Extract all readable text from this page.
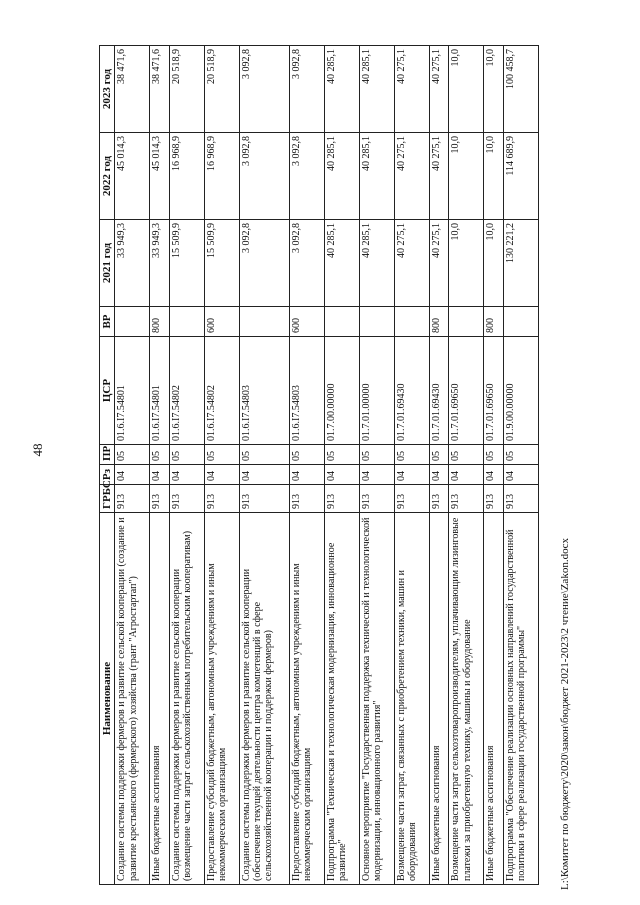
48
Наименование	ГРБС	Рз	ПР	ЦСР	ВР	2021 год	2022 год	2023 год
Создание системы поддержки фермеров и развитие сельской кооперации (создание и развитие крестьянского (фермерского) хозяйства (грант "Агростартап")	913	04	05	01.6.I7.54801		33 949,3	45 014,3	38 471,6
Иные бюджетные ассигнования	913	04	05	01.6.I7.54801	800	33 949,3	45 014,3	38 471,6
Создание системы поддержки фермеров и развитие сельской кооперации (возмещение части затрат сельскохозяйственным потребительским кооперативам)	913	04	05	01.6.I7.54802		15 509,9	16 968,9	20 518,9
Предоставление субсидий бюджетным, автономным учреждениям и иным некоммерческим организациям	913	04	05	01.6.I7.54802	600	15 509,9	16 968,9	20 518,9
Создание системы поддержки фермеров и развитие сельской кооперации (обеспечение текущей деятельности центра компетенций в сфере сельскохозяйственной кооперации и поддержки фермеров)	913	04	05	01.6.I7.54803		3 092,8	3 092,8	3 092,8
Предоставление субсидий бюджетным, автономным учреждениям и иным некоммерческим организациям	913	04	05	01.6.I7.54803	600	3 092,8	3 092,8	3 092,8
Подпрограмма "Техническая и технологическая модернизация, инновационное развитие"	913	04	05	01.7.00.00000		40 285,1	40 285,1	40 285,1
Основное мероприятие "Государственная поддержка технической и технологической модернизации, инновационного развития"	913	04	05	01.7.01.00000		40 285,1	40 285,1	40 285,1
Возмещение части затрат, связанных с приобретением техники, машин и оборудования	913	04	05	01.7.01.69430		40 275,1	40 275,1	40 275,1
Иные бюджетные ассигнования	913	04	05	01.7.01.69430	800	40 275,1	40 275,1	40 275,1
Возмещение части затрат сельхозтоваропроизводителям, уплачивающим лизинговые платежи за приобретенную технику, машины и оборудование	913	04	05	01.7.01.69650		10,0	10,0	10,0
Иные бюджетные ассигнования	913	04	05	01.7.01.69650	800	10,0	10,0	10,0
Подпрограмма "Обеспечение реализации основных направлений государственной политики в сфере реализации государственной программы"	913	04	05	01.9.00.00000		130 221,2	114 689,9	100 458,7
L:\Комитет по бюджету\2020\закон\бюджет 2021-2023\2 чтение\Zakon.docx
